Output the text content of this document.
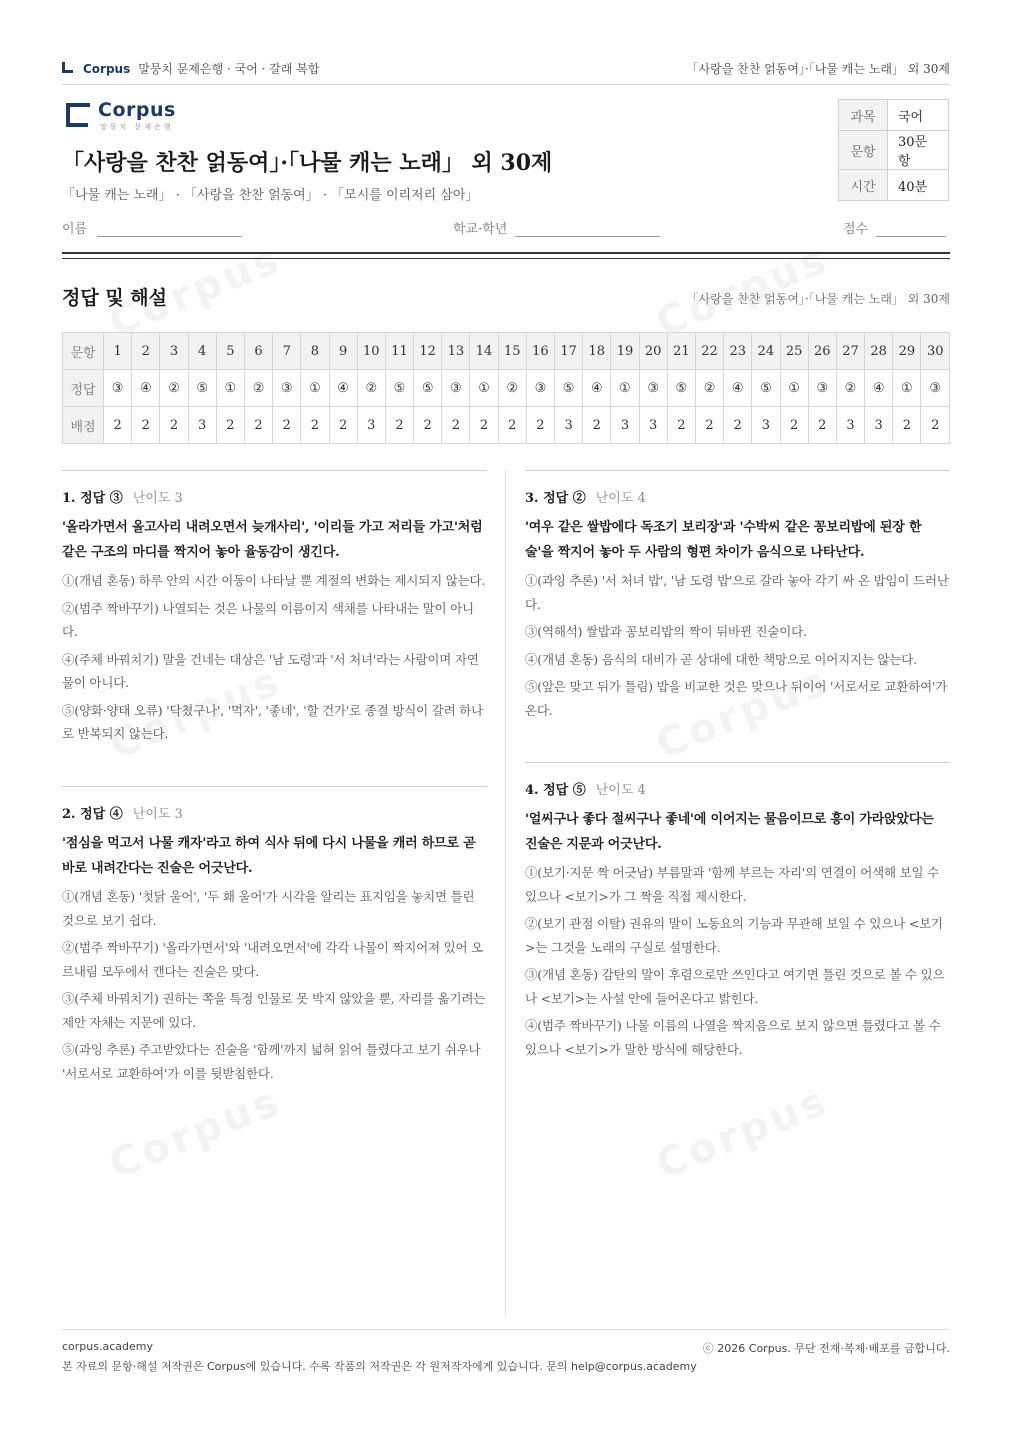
Corpus 말뭉치 문제은행 · 국어 · 갈래 복합	「사랑을 찬찬 얽동여」·「나물 캐는 노래」 외 30제
Corpus
말뭉치 문제은행
「사랑을 찬찬 얽동여」·「나물 캐는 노래」 외 30제
「나물 캐는 노래」 · 「사랑을 찬찬 얽동여」 · 「모시를 이리저리 삼아」
과목	국어
문항	30문항
시간	40분
이름	학교·학년	점수
정답 및 해설	「사랑을 찬찬 얽동여」·「나물 캐는 노래」 외 30제
문항	1	2	3	4	5	6	7	8	9	10	11	12	13	14	15	16	17	18	19	20	21	22	23	24	25	26	27	28	29	30
정답	③	④	②	⑤	①	②	③	①	④	②	⑤	⑤	③	①	②	③	⑤	④	①	③	⑤	②	④	⑤	①	③	②	④	①	③
배점	2	2	2	3	2	2	2	2	2	3	2	2	2	2	2	2	3	2	3	3	2	2	2	3	2	2	3	3	2	2
1. 정답 ③ 난이도 3
'올라가면서 올고사리 내려오면서 늦개사리', '이리들 가고 저리들 가고'처럼 같은 구조의 마디를 짝지어 놓아 율동감이 생긴다.
①(개념 혼동) 하루 안의 시간 이동이 나타날 뿐 계절의 변화는 제시되지 않는다.
②(범주 짝바꾸기) 나열되는 것은 나물의 이름이지 색채를 나타내는 말이 아니다.
④(주체 바꿔치기) 말을 건네는 대상은 '남 도령'과 '서 처녀'라는 사람이며 자연물이 아니다.
⑤(양화·양태 오류) '닥쳤구나', '먹자', '좋네', '할 건가'로 종결 방식이 갈려 하나로 반복되지 않는다.
2. 정답 ④ 난이도 3
'점심을 먹고서 나물 캐자'라고 하여 식사 뒤에 다시 나물을 캐러 하므로 곧바로 내려간다는 진술은 어긋난다.
①(개념 혼동) '첫닭 울어', '두 홰 울어'가 시각을 알리는 표지임을 놓치면 틀린 것으로 보기 쉽다.
②(범주 짝바꾸기) '올라가면서'와 '내려오면서'에 각각 나물이 짝지어져 있어 오르내림 모두에서 캔다는 진술은 맞다.
③(주체 바꿔치기) 권하는 쪽을 특정 인물로 못 박지 않았을 뿐, 자리를 옮기려는 제안 자체는 지문에 있다.
⑤(과잉 추론) 주고받았다는 진술을 '함께'까지 넓혀 읽어 틀렸다고 보기 쉬우나 '서로서로 교환하여'가 이를 뒷받침한다.
3. 정답 ② 난이도 4
'여우 같은 쌀밥에다 독조기 보리장'과 '수박씨 같은 꽁보리밥에 된장 한 술'을 짝지어 놓아 두 사람의 형편 차이가 음식으로 나타난다.
①(과잉 추론) '서 처녀 밥', '남 도령 밥'으로 갈라 놓아 각기 싸 온 밥임이 드러난다.
③(역해석) 쌀밥과 꽁보리밥의 짝이 뒤바뀐 진술이다.
④(개념 혼동) 음식의 대비가 곧 상대에 대한 책망으로 이어지지는 않는다.
⑤(앞은 맞고 뒤가 틀림) 밥을 비교한 것은 맞으나 뒤이어 '서로서로 교환하여'가 온다.
4. 정답 ⑤ 난이도 4
'얼씨구나 좋다 절씨구나 좋네'에 이어지는 물음이므로 흥이 가라앉았다는 진술은 지문과 어긋난다.
①(보기·지문 짝 어긋남) 부름말과 '함께 부르는 자리'의 연결이 어색해 보일 수 있으나 <보기>가 그 짝을 직접 제시한다.
②(보기 관점 이탈) 권유의 말이 노동요의 기능과 무관해 보일 수 있으나 <보기>는 그것을 노래의 구실로 설명한다.
③(개념 혼동) 감탄의 말이 후렴으로만 쓰인다고 여기면 틀린 것으로 볼 수 있으나 <보기>는 사설 안에 들어온다고 밝힌다.
④(범주 짝바꾸기) 나물 이름의 나열을 짝지음으로 보지 않으면 틀렸다고 볼 수 있으나 <보기>가 말한 방식에 해당한다.
corpus.academy	ⓒ 2026 Corpus. 무단 전재·복제·배포를 금합니다.
본 자료의 문항·해설 저작권은 Corpus에 있습니다. 수록 작품의 저작권은 각 원저작자에게 있습니다. 문의 help@corpus.academy
